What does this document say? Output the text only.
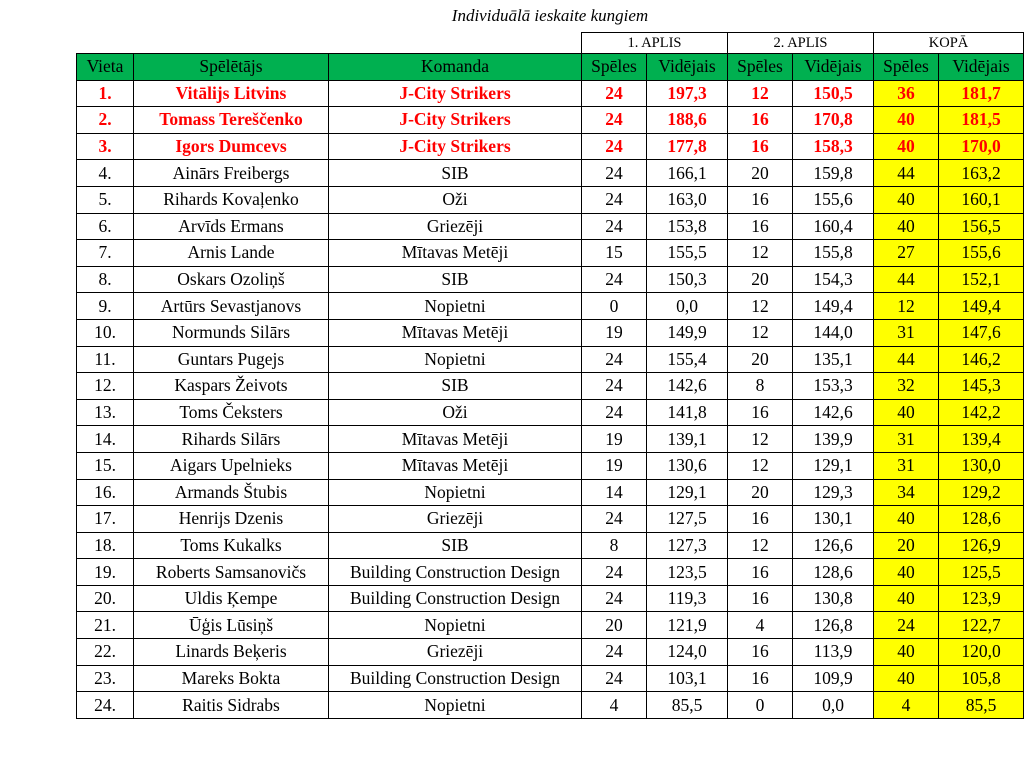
Individuālā ieskaite kungiem
			1. APLIS		2. APLIS		KOPĀ	
Vieta	Spēlētājs	Komanda	Spēles	Vidējais	Spēles	Vidējais	Spēles	Vidējais
1.	Vitālijs Litvins	J-City Strikers	24	197,3	12	150,5	36	181,7
2.	Tomass Tereščenko	J-City Strikers	24	188,6	16	170,8	40	181,5
3.	Igors Dumcevs	J-City Strikers	24	177,8	16	158,3	40	170,0
4.	Ainārs Freibergs	SIB	24	166,1	20	159,8	44	163,2
5.	Rihards Kovaļenko	Oži	24	163,0	16	155,6	40	160,1
6.	Arvīds Ermans	Griezēji	24	153,8	16	160,4	40	156,5
7.	Arnis Lande	Mītavas Metēji	15	155,5	12	155,8	27	155,6
8.	Oskars Ozoliņš	SIB	24	150,3	20	154,3	44	152,1
9.	Artūrs Sevastjanovs	Nopietni	0	0,0	12	149,4	12	149,4
10.	Normunds Silārs	Mītavas Metēji	19	149,9	12	144,0	31	147,6
11.	Guntars Pugejs	Nopietni	24	155,4	20	135,1	44	146,2
12.	Kaspars Žeivots	SIB	24	142,6	8	153,3	32	145,3
13.	Toms Čeksters	Oži	24	141,8	16	142,6	40	142,2
14.	Rihards Silārs	Mītavas Metēji	19	139,1	12	139,9	31	139,4
15.	Aigars Upelnieks	Mītavas Metēji	19	130,6	12	129,1	31	130,0
16.	Armands Štubis	Nopietni	14	129,1	20	129,3	34	129,2
17.	Henrijs Dzenis	Griezēji	24	127,5	16	130,1	40	128,6
18.	Toms Kukalks	SIB	8	127,3	12	126,6	20	126,9
19.	Roberts Samsanovičs	Building Construction Design	24	123,5	16	128,6	40	125,5
20.	Uldis Ķempe	Building Construction Design	24	119,3	16	130,8	40	123,9
21.	Ūģis Lūsiņš	Nopietni	20	121,9	4	126,8	24	122,7
22.	Linards Beķeris	Griezēji	24	124,0	16	113,9	40	120,0
23.	Mareks Bokta	Building Construction Design	24	103,1	16	109,9	40	105,8
24.	Raitis Sidrabs	Nopietni	4	85,5	0	0,0	4	85,5
